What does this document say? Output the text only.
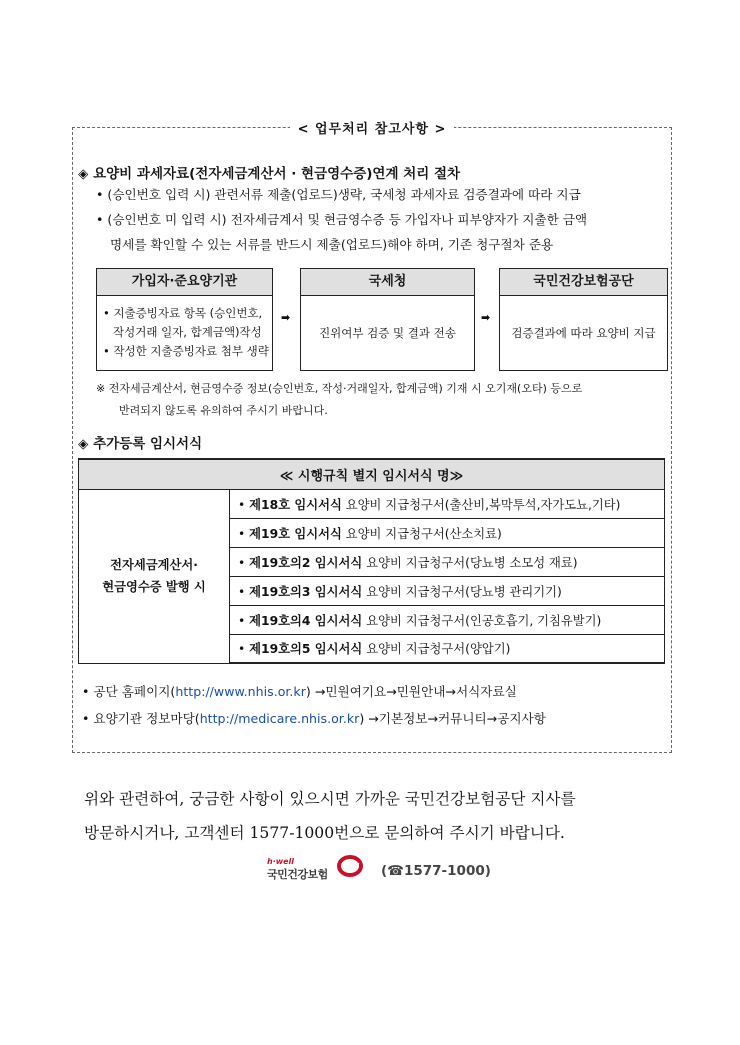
< 업무처리 참고사항 >
◈ 요양비 과세자료(전자세금계산서 · 현금영수증)연계 처리 절차
• (승인번호 입력 시) 관련서류 제출(업로드)생략, 국세청 과세자료 검증결과에 따라 지급
• (승인번호 미 입력 시) 전자세금계서 및 현금영수증 등 가입자나 피부양자가 지출한 금액
명세를 확인할 수 있는 서류를 반드시 제출(업로드)해야 하며, 기존 청구절차 준용
가입자·준요양기관
• 지출증빙자료 항목 (승인번호,
작성거래 일자, 합계금액)작성
• 작성한 지출증빙자료 첨부 생략
➡
국세청
진위여부 검증 및 결과 전송
➡
국민건강보험공단
검증결과에 따라 요양비 지급
※ 전자세금계산서, 현금영수증 정보(승인번호, 작성·거래일자, 합계금액) 기재 시 오기재(오타) 등으로
반려되지 않도록 유의하여 주시기 바랍니다.
◈ 추가등록 임시서식
≪ 시행규칙 별지 임시서식 명≫

전자세금계산서·
현금영수증 발행 시
	• 제18호 임시서식 요양비 지급청구서(출산비,복막투석,자가도뇨,기타)
• 제19호 임시서식 요양비 지급청구서(산소치료)
• 제19호의2 임시서식 요양비 지급청구서(당뇨병 소모성 재료)
• 제19호의3 임시서식 요양비 지급청구서(당뇨병 관리기기)
• 제19호의4 임시서식 요양비 지급청구서(인공호흡기, 기침유발기)
• 제19호의5 임시서식 요양비 지급청구서(양압기)
• 공단 홈페이지(http://www.nhis.or.kr) →민원여기요→민원안내→서식자료실
• 요양기관 정보마당(http://medicare.nhis.or.kr) →기본정보→커뮤니티→공지사항
위와 관련하여, 궁금한 사항이 있으시면 가까운 국민건강보험공단 지사를
방문하시거나, 고객센터 1577-1000번으로 문의하여 주시기 바랍니다.
h·well
국민건강보험	(☎1577-1000)
